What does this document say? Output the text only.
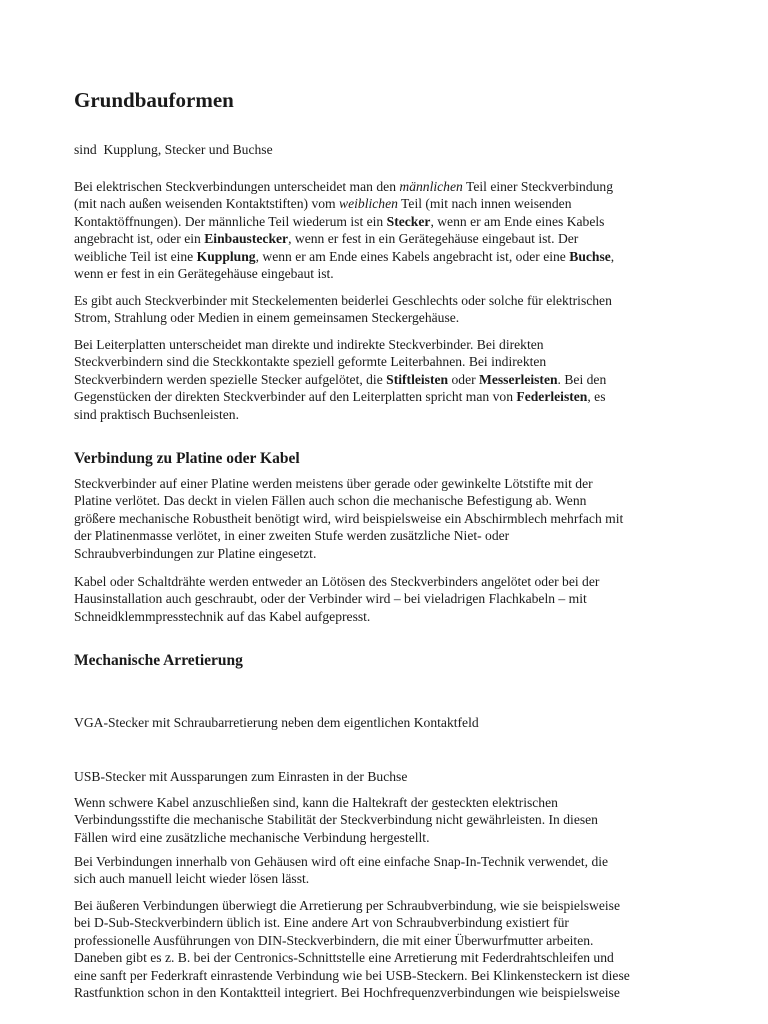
Grundbauformen
sind  Kupplung, Stecker und Buchse
Bei elektrischen Steckverbindungen unterscheidet man den männlichen Teil einer Steckverbindung
(mit nach außen weisenden Kontaktstiften) vom weiblichen Teil (mit nach innen weisenden
Kontaktöffnungen). Der männliche Teil wiederum ist ein Stecker, wenn er am Ende eines Kabels
angebracht ist, oder ein Einbaustecker, wenn er fest in ein Gerätegehäuse eingebaut ist. Der
weibliche Teil ist eine Kupplung, wenn er am Ende eines Kabels angebracht ist, oder eine Buchse,
wenn er fest in ein Gerätegehäuse eingebaut ist.
Es gibt auch Steckverbinder mit Steckelementen beiderlei Geschlechts oder solche für elektrischen
Strom, Strahlung oder Medien in einem gemeinsamen Steckergehäuse.
Bei Leiterplatten unterscheidet man direkte und indirekte Steckverbinder. Bei direkten
Steckverbindern sind die Steckkontakte speziell geformte Leiterbahnen. Bei indirekten
Steckverbindern werden spezielle Stecker aufgelötet, die Stiftleisten oder Messerleisten. Bei den
Gegenstücken der direkten Steckverbinder auf den Leiterplatten spricht man von Federleisten, es
sind praktisch Buchsenleisten.
Verbindung zu Platine oder Kabel
Steckverbinder auf einer Platine werden meistens über gerade oder gewinkelte Lötstifte mit der
Platine verlötet. Das deckt in vielen Fällen auch schon die mechanische Befestigung ab. Wenn
größere mechanische Robustheit benötigt wird, wird beispielsweise ein Abschirmblech mehrfach mit
der Platinenmasse verlötet, in einer zweiten Stufe werden zusätzliche Niet- oder
Schraubverbindungen zur Platine eingesetzt.
Kabel oder Schaltdrähte werden entweder an Lötösen des Steckverbinders angelötet oder bei der
Hausinstallation auch geschraubt, oder der Verbinder wird – bei vieladrigen Flachkabeln – mit
Schneidklemmpresstechnik auf das Kabel aufgepresst.
Mechanische Arretierung
VGA-Stecker mit Schraubarretierung neben dem eigentlichen Kontaktfeld
USB-Stecker mit Aussparungen zum Einrasten in der Buchse
Wenn schwere Kabel anzuschließen sind, kann die Haltekraft der gesteckten elektrischen
Verbindungsstifte die mechanische Stabilität der Steckverbindung nicht gewährleisten. In diesen
Fällen wird eine zusätzliche mechanische Verbindung hergestellt.
Bei Verbindungen innerhalb von Gehäusen wird oft eine einfache Snap-In-Technik verwendet, die
sich auch manuell leicht wieder lösen lässt.
Bei äußeren Verbindungen überwiegt die Arretierung per Schraubverbindung, wie sie beispielsweise
bei D-Sub-Steckverbindern üblich ist. Eine andere Art von Schraubverbindung existiert für
professionelle Ausführungen von DIN-Steckverbindern, die mit einer Überwurfmutter arbeiten.
Daneben gibt es z. B. bei der Centronics-Schnittstelle eine Arretierung mit Federdrahtschleifen und
eine sanft per Federkraft einrastende Verbindung wie bei USB-Steckern. Bei Klinkensteckern ist diese
Rastfunktion schon in den Kontaktteil integriert. Bei Hochfrequenzverbindungen wie beispielsweise
